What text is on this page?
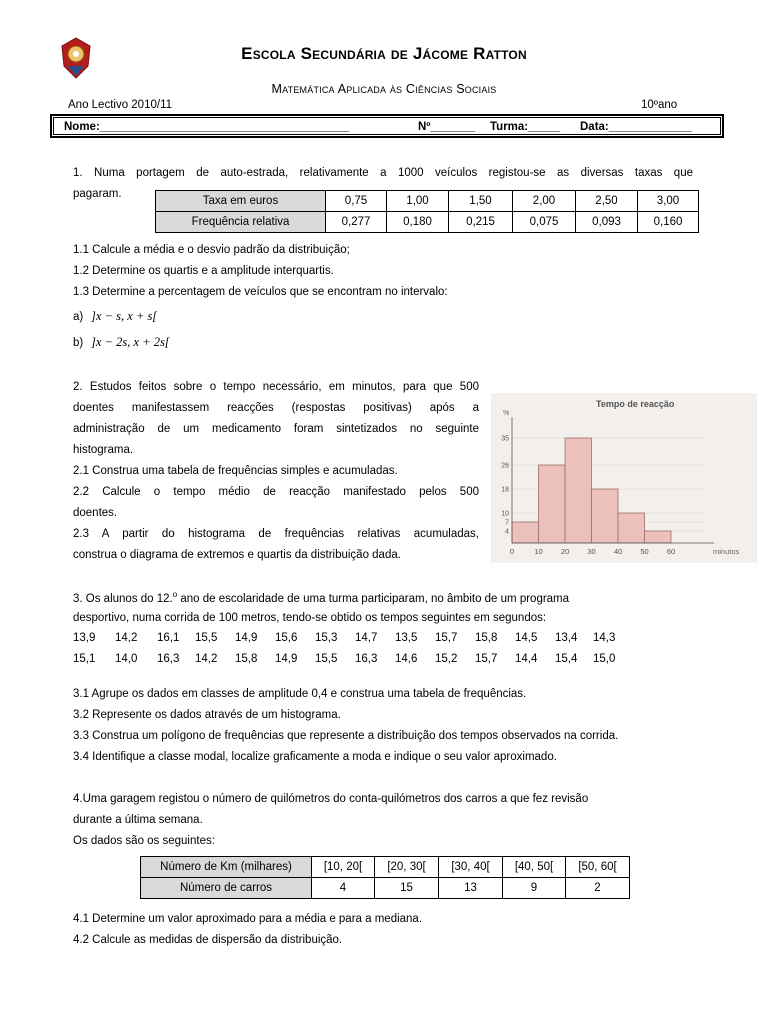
Escola Secundária de Jácome Ratton
Matemática Aplicada às Ciências Sociais
Ano Lectivo 2010/11	10ºano
Nome:_______________________________________	Nº_______ Turma:_____ Data:_____________
1. Numa portagem de auto-estrada, relativamente a 1000 veículos registou-se as diversas taxas que
pagaram.
Taxa em euros	0,75	1,00	1,50	2,00	2,50	3,00
Frequência relativa	0,277	0,180	0,215	0,075	0,093	0,160
1.1 Calcule a média e o desvio padrão da distribuição;
1.2 Determine os quartis e a amplitude interquartis.
1.3 Determine a percentagem de veículos que se encontram no intervalo:
a) ]x − s, x + s[
b) ]x − 2s, x + 2s[
2. Estudos feitos sobre o tempo necessário, em minutos, para que 500
doentes manifestassem reacções (respostas positivas) após a
administração de um medicamento foram sintetizados no seguinte
histograma.
2.1 Construa uma tabela de frequências simples e acumuladas.
2.2 Calcule o tempo médio de reacção manifestado pelos 500
doentes.
2.3 A partir do histograma de frequências relativas acumuladas,
construa o diagrama de extremos e quartis da distribuição dada.
Tempo de reacção
%
minutos
4
7
10
18
26
35
0	10 20 30 40 50 60
3. Os alunos do 12.$^o$ ano de escolaridade de uma turma participaram, no âmbito de um programa
desportivo, numa corrida de 100 metros, tendo-se obtido os tempos seguintes em segundos:
13,9 14,2 16,1 15,5 14,9 15,6 15,3 14,7 13,5 15,7 15,8 14,5 13,4 14,3
15,1 14,0 16,3 14,2 15,8 14,9 15,5 16,3 14,6 15,2 15,7 14,4 15,4 15,0
3.1 Agrupe os dados em classes de amplitude 0,4 e construa uma tabela de frequências.
3.2 Represente os dados através de um histograma.
3.3 Construa um polígono de frequências que represente a distribuição dos tempos observados na corrida.
3.4 Identifique a classe modal, localize graficamente a moda e indique o seu valor aproximado.
4.Uma garagem registou o número de quilómetros do conta-quilómetros dos carros a que fez revisão
durante a última semana.
Os dados são os seguintes:
Número de Km (milhares)	[10, 20[	[20, 30[	[30, 40[	[40, 50[	[50, 60[
Número de carros	4	15	13	9	2
4.1 Determine um valor aproximado para a média e para a mediana.
4.2 Calcule as medidas de dispersão da distribuição.
